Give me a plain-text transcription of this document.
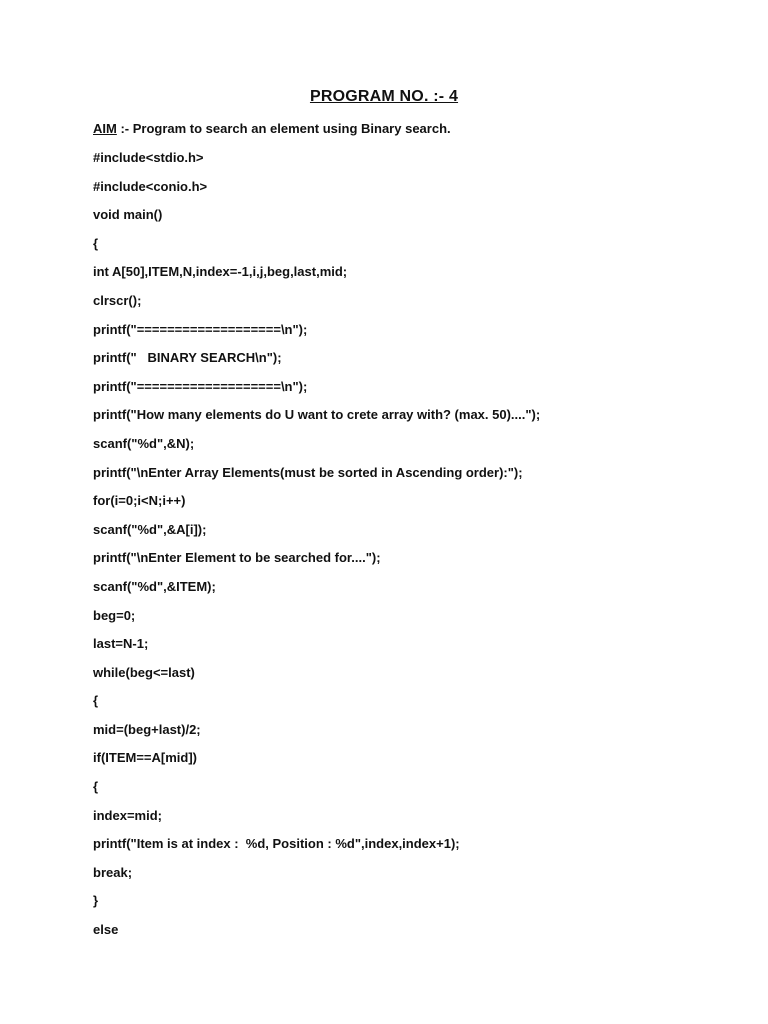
PROGRAM NO. :- 4
AIM :- Program to search an element using Binary search.
#include<stdio.h>
#include<conio.h>
void main()
{
int A[50],ITEM,N,index=-1,i,j,beg,last,mid;
clrscr();
printf("===================\n");
printf("   BINARY SEARCH\n");
printf("===================\n");
printf("How many elements do U want to crete array with? (max. 50)....");
scanf("%d",&N);
printf("\nEnter Array Elements(must be sorted in Ascending order):");
for(i=0;i<N;i++)
scanf("%d",&A[i]);
printf("\nEnter Element to be searched for....");
scanf("%d",&ITEM);
beg=0;
last=N-1;
while(beg<=last)
{
mid=(beg+last)/2;
if(ITEM==A[mid])
{
index=mid;
printf("Item is at index :  %d, Position : %d",index,index+1);
break;
}
else
